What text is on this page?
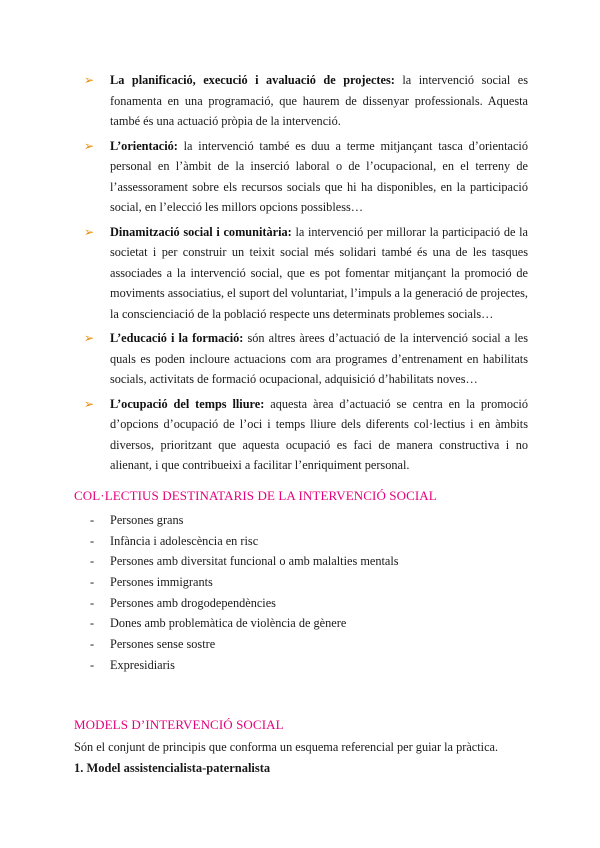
➢ La planificació, execució i avaluació de projectes: la intervenció social es fonamenta en una programació, que haurem de dissenyar professionals. Aquesta també és una actuació pròpia de la intervenció.
➢ L’orientació: la intervenció també es duu a terme mitjançant tasca d’orientació personal en l’àmbit de la inserció laboral o de l’ocupacional, en el terreny de l’assessorament sobre els recursos socials que hi ha disponibles, en la participació social, en l’elecció les millors opcions possibless…
➢ Dinamització social i comunitària: la intervenció per millorar la participació de la societat i per construir un teixit social més solidari també és una de les tasques associades a la intervenció social, que es pot fomentar mitjançant la promoció de moviments associatius, el suport del voluntariat, l’impuls a la generació de projectes, la conscienciació de la població respecte uns determinats problemes socials…
➢ L’educació i la formació: són altres àrees d’actuació de la intervenció social a les quals es poden incloure actuacions com ara programes d’entrenament en habilitats socials, activitats de formació ocupacional, adquisició d’habilitats noves…
➢ L’ocupació del temps lliure: aquesta àrea d’actuació se centra en la promoció d’opcions d’ocupació de l’oci i temps lliure dels diferents col·lectius i en àmbits diversos, prioritzant que aquesta ocupació es faci de manera constructiva i no alienant, i que contribueixi a facilitar l’enriquiment personal.
COL·LECTIUS DESTINATARIS DE LA INTERVENCIÓ SOCIAL
- Persones grans
- Infància i adolescència en risc
- Persones amb diversitat funcional o amb malalties mentals
- Persones immigrants
- Persones amb drogodependències
- Dones amb problemàtica de violència de gènere
- Persones sense sostre
- Expresidiaris
MODELS D’INTERVENCIÓ SOCIAL

Són el conjunt de principis que conforma un esquema referencial per guiar la pràctica.

1. Model assistencialista-paternalista
